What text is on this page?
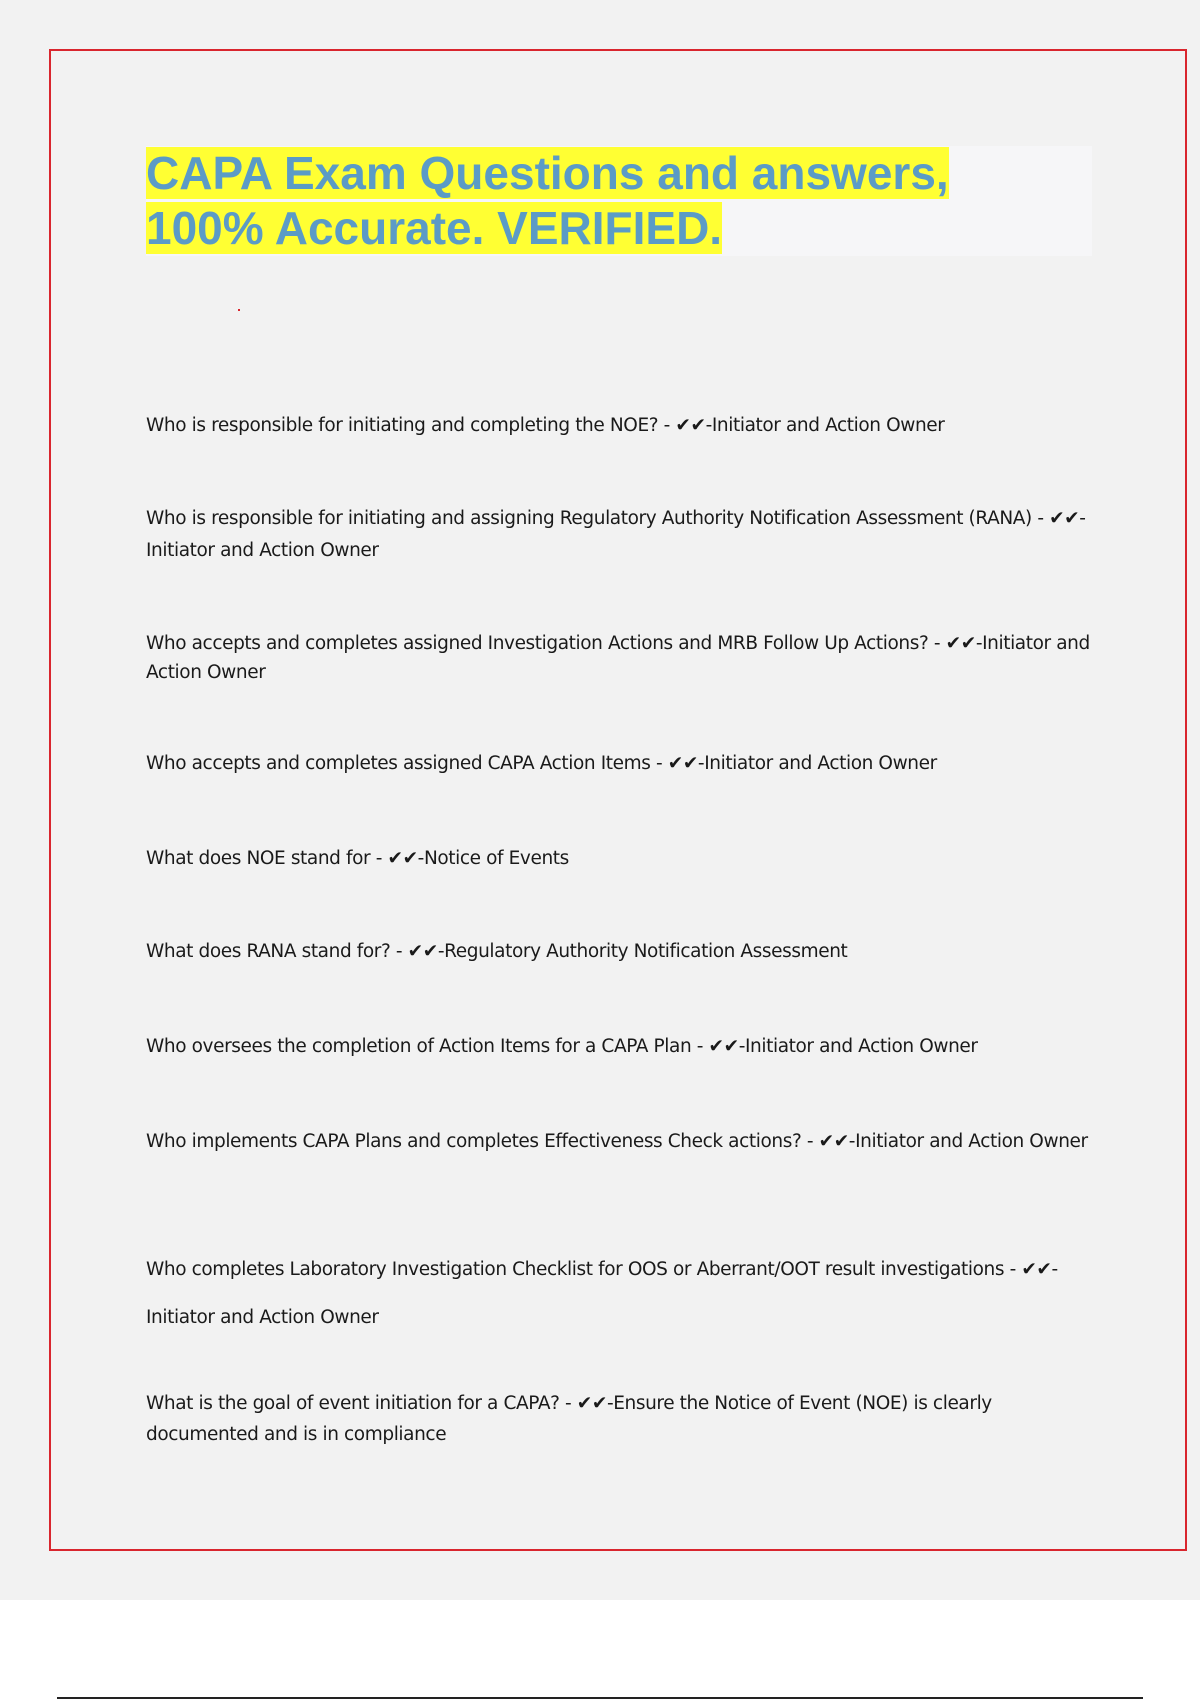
CAPA Exam Questions and answers,
100% Accurate. VERIFIED.

Who is responsible for initiating and completing the NOE? - ✔✔-Initiator and Action Owner

Who is responsible for initiating and assigning Regulatory Authority Notification Assessment (RANA) - ✔✔-Initiator and Action Owner

Who accepts and completes assigned Investigation Actions and MRB Follow Up Actions? - ✔✔-Initiator and Action Owner

Who accepts and completes assigned CAPA Action Items - ✔✔-Initiator and Action Owner

What does NOE stand for - ✔✔-Notice of Events

What does RANA stand for? - ✔✔-Regulatory Authority Notification Assessment

Who oversees the completion of Action Items for a CAPA Plan - ✔✔-Initiator and Action Owner

Who implements CAPA Plans and completes Effectiveness Check actions? - ✔✔-Initiator and Action Owner

Who completes Laboratory Investigation Checklist for OOS or Aberrant/OOT result investigations - ✔✔-Initiator and Action Owner

What is the goal of event initiation for a CAPA? - ✔✔-Ensure the Notice of Event (NOE) is clearly documented and is in compliance
